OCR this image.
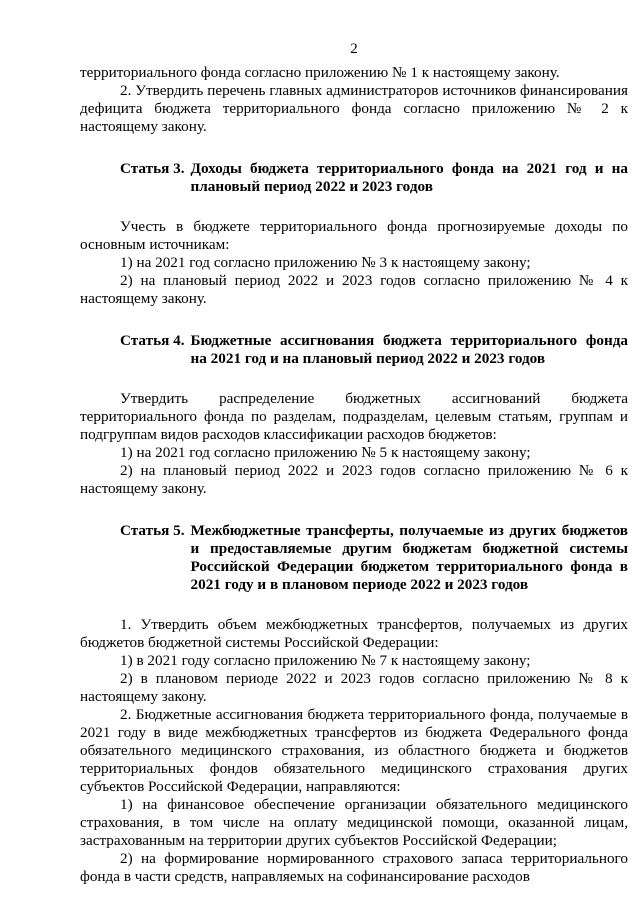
2

территориального фонда согласно приложению № 1 к настоящему закону.

2. Утвердить перечень главных администраторов источников финансирования дефицита бюджета территориального фонда согласно приложению № 2 к настоящему закону.

Статья 3. Доходы бюджета территориального фонда на 2021 год и на плановый период 2022 и 2023 годов

Учесть в бюджете территориального фонда прогнозируемые доходы по основным источникам:

1) на 2021 год согласно приложению № 3 к настоящему закону;

2) на плановый период 2022 и 2023 годов согласно приложению № 4 к настоящему закону.

Статья 4. Бюджетные ассигнования бюджета территориального фонда на 2021 год и на плановый период 2022 и 2023 годов

Утвердить распределение бюджетных ассигнований бюджета территориального фонда по разделам, подразделам, целевым статьям, группам и подгруппам видов расходов классификации расходов бюджетов:

1) на 2021 год согласно приложению № 5 к настоящему закону;

2) на плановый период 2022 и 2023 годов согласно приложению № 6 к настоящему закону.

Статья 5. Межбюджетные трансферты, получаемые из других бюджетов и предоставляемые другим бюджетам бюджетной системы Российской Федерации бюджетом территориального фонда в 2021 году и в плановом периоде 2022 и 2023 годов

1. Утвердить объем межбюджетных трансфертов, получаемых из других бюджетов бюджетной системы Российской Федерации:

1) в 2021 году согласно приложению № 7 к настоящему закону;

2) в плановом периоде 2022 и 2023 годов согласно приложению № 8 к настоящему закону.

2. Бюджетные ассигнования бюджета территориального фонда, получаемые в 2021 году в виде межбюджетных трансфертов из бюджета Федерального фонда обязательного медицинского страхования, из областного бюджета и бюджетов территориальных фондов обязательного медицинского страхования других субъектов Российской Федерации, направляются:

1) на финансовое обеспечение организации обязательного медицинского страхования, в том числе на оплату медицинской помощи, оказанной лицам, застрахованным на территории других субъектов Российской Федерации;

2) на формирование нормированного страхового запаса территориального фонда в части средств, направляемых на софинансирование расходов
